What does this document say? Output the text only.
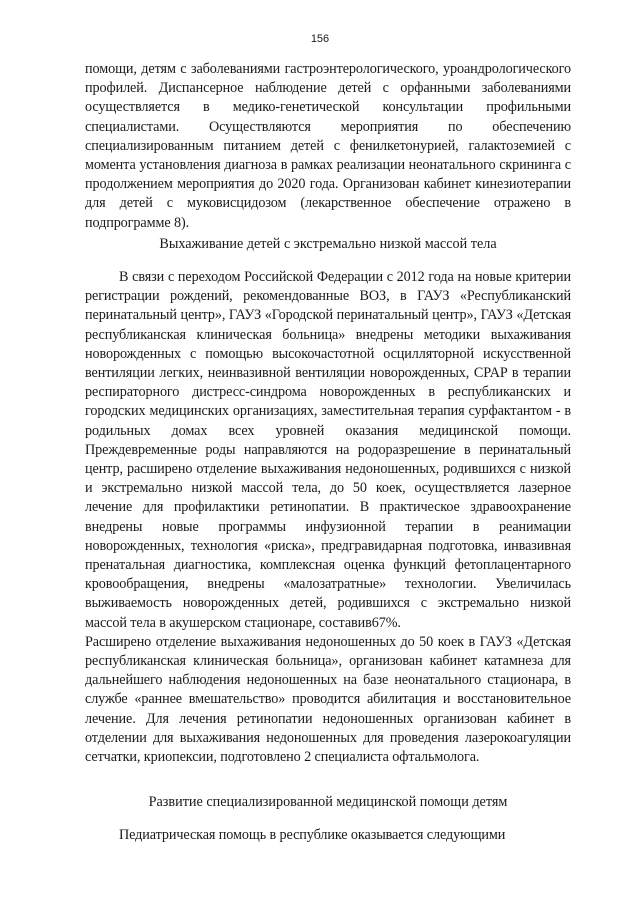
156

помощи, детям с заболеваниями гастроэнтерологического, уроандрологического профилей. Диспансерное наблюдение детей с орфанными заболеваниями осуществляется в медико-генетической консультации профильными специалистами. Осуществляются мероприятия по обеспечению специализированным питанием детей с фенилкетонурией, галактоземией с момента установления диагноза в рамках реализации неонатального скрининга с продолжением мероприятия до 2020 года. Организован кабинет кинезиотерапии для детей с муковисцидозом (лекарственное обеспечение отражено в подпрограмме 8).

Выхаживание детей с экстремально низкой массой тела

В связи с переходом Российской Федерации с 2012 года на новые критерии регистрации рождений, рекомендованные ВОЗ, в ГАУЗ «Республиканский перинатальный центр», ГАУЗ «Городской перинатальный центр», ГАУЗ «Детская республиканская клиническая больница» внедрены методики выхаживания новорожденных с помощью высокочастотной осцилляторной искусственной вентиляции легких, неинвазивной вентиляции новорожденных, CPAP в терапии респираторного дистресс-синдрома новорожденных в республиканских и городских медицинских организациях, заместительная терапия сурфактантом - в родильных домах всех уровней оказания медицинской помощи. Преждевременные роды направляются на родоразрешение в перинатальный центр, расширено отделение выхаживания недоношенных, родившихся с низкой и экстремально низкой массой тела, до 50 коек, осуществляется лазерное лечение для профилактики ретинопатии. В практическое здравоохранение внедрены новые программы инфузионной терапии в реанимации новорожденных, технология «риска», предгравидарная подготовка, инвазивная пренатальная диагностика, комплексная оценка функций фетоплацентарного кровообращения, внедрены «малозатратные» технологии. Увеличилась выживаемость новорожденных детей, родившихся с экстремально низкой массой тела в акушерском стационаре, составив67%.

Расширено отделение выхаживания недоношенных до 50 коек в ГАУЗ «Детская республиканская клиническая больница», организован кабинет катамнеза для дальнейшего наблюдения недоношенных на базе неонатального стационара, в службе «раннее вмешательство» проводится абилитация и восстановительное лечение. Для лечения ретинопатии недоношенных организован кабинет в отделении для выхаживания недоношенных для проведения лазерокоагуляции сетчатки, криопексии, подготовлено 2 специалиста офтальмолога.

Развитие специализированной медицинской помощи детям

Педиатрическая помощь в республике оказывается следующими
